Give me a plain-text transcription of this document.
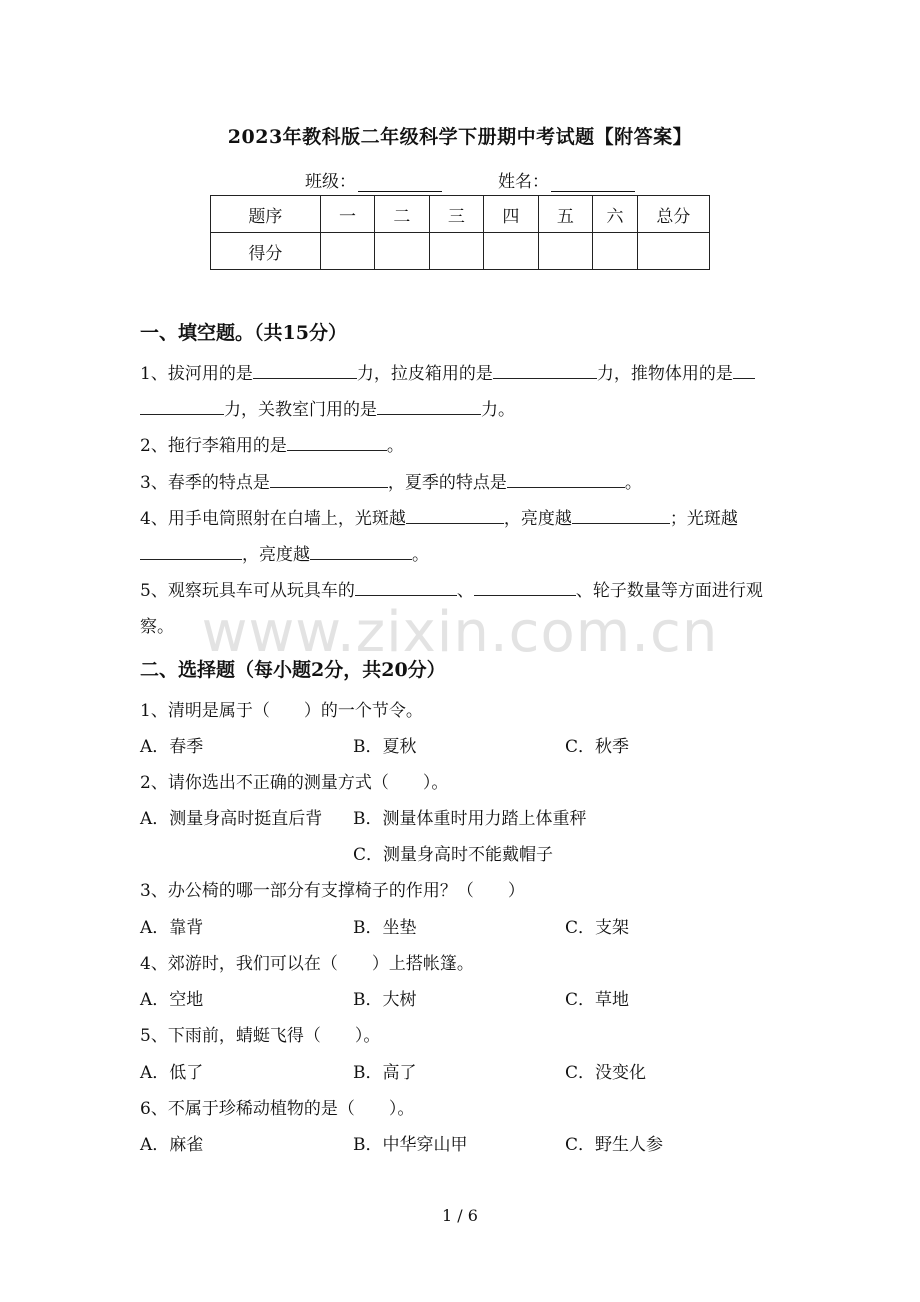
2023年教科版二年级科学下册期中考试题【附答案】
班级：	姓名：
题序	一	二	三	四	五	六	总分
得分							
一、填空题。（共15分）
1、拔河用的是	力，拉皮箱用的是	力，推物体用的是
力，关教室门用的是	力。
2、拖行李箱用的是	。
3、春季的特点是	，夏季的特点是	。
4、用手电筒照射在白墙上，光斑越	，亮度越	；光斑越
，亮度越	。
5、观察玩具车可从玩具车的	、	、轮子数量等方面进行观察。 www.zixin.com.cn
二、选择题（每小题2分，共20分）
1、清明是属于（　　）的一个节令。
A．春季	B．夏秋	C．秋季
2、请你选出不正确的测量方式（　　）。
A．测量身高时挺直后背 B．测量体重时用力踏上体重秤
C．测量身高时不能戴帽子
3、办公椅的哪一部分有支撑椅子的作用？（　　）
A．靠背	B．坐垫	C．支架
4、郊游时，我们可以在（　　）上搭帐篷。
A．空地	B．大树	C．草地
5、下雨前，蜻蜓飞得（　　）。
A．低了	B．高了	C．没变化
6、不属于珍稀动植物的是（　　）。
A．麻雀	B．中华穿山甲	C．野生人参
1 / 6
